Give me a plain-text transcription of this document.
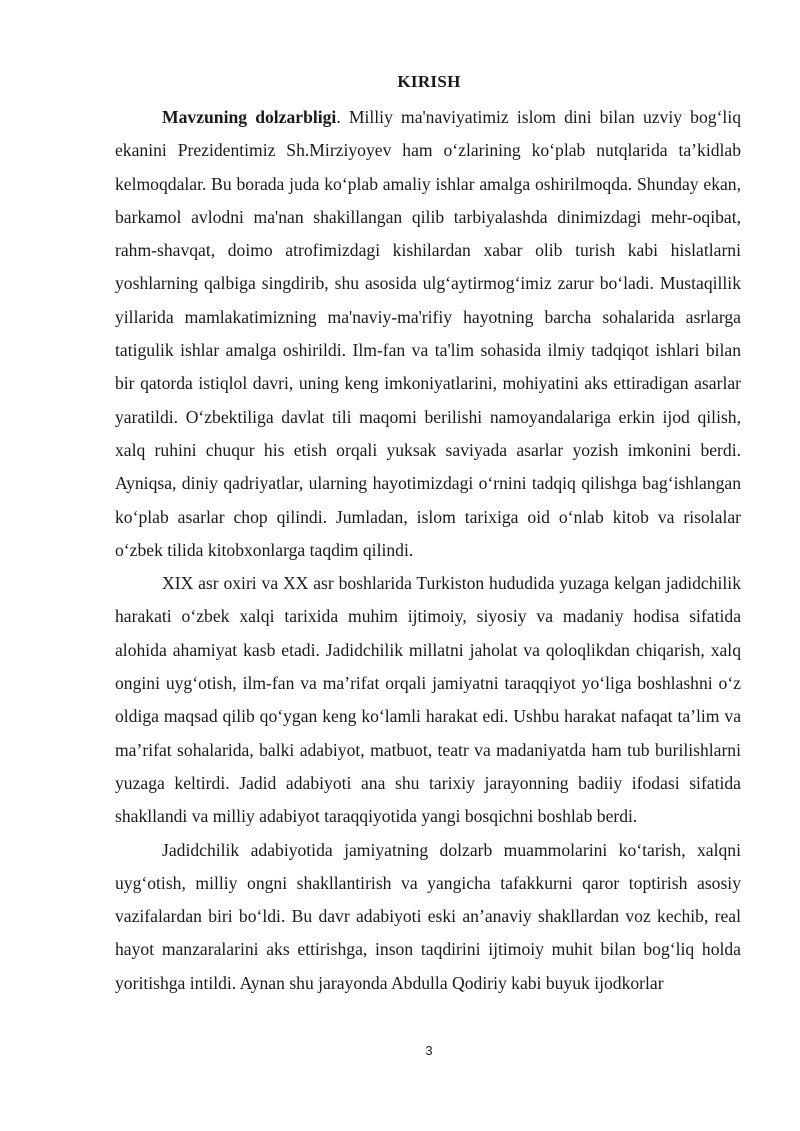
KIRISH

Mavzuning dolzarbligi. Milliy ma'naviyatimiz islom dini bilan uzviy bog‘liq ekanini Prezidentimiz Sh.Mirziyoyev ham o‘zlarining ko‘plab nutqlarida ta’kidlab kelmoqdalar. Bu borada juda ko‘plab amaliy ishlar amalga oshirilmoqda. Shunday ekan, barkamol avlodni ma'nan shakillangan qilib tarbiyalashda dinimizdagi mehr-oqibat, rahm-shavqat, doimo atrofimizdagi kishilardan xabar olib turish kabi hislatlarni yoshlarning qalbiga singdirib, shu asosida ulg‘aytirmog‘imiz zarur bo‘ladi. Mustaqillik yillarida mamlakatimizning ma'naviy-ma'rifiy hayotning barcha sohalarida asrlarga tatigulik ishlar amalga oshirildi. Ilm-fan va ta'lim sohasida ilmiy tadqiqot ishlari bilan bir qatorda istiqlol davri, uning keng imkoniyatlarini, mohiyatini aks ettiradigan asarlar yaratildi. O‘zbektiliga davlat tili maqomi berilishi namoyandalariga erkin ijod qilish, xalq ruhini chuqur his etish orqali yuksak saviyada asarlar yozish imkonini berdi. Ayniqsa, diniy qadriyatlar, ularning hayotimizdagi o‘rnini tadqiq qilishga bag‘ishlangan ko‘plab asarlar chop qilindi. Jumladan, islom tarixiga oid o‘nlab kitob va risolalar o‘zbek tilida kitobxonlarga taqdim qilindi.

XIX asr oxiri va XX asr boshlarida Turkiston hududida yuzaga kelgan jadidchilik harakati o‘zbek xalqi tarixida muhim ijtimoiy, siyosiy va madaniy hodisa sifatida alohida ahamiyat kasb etadi. Jadidchilik millatni jaholat va qoloqlikdan chiqarish, xalq ongini uyg‘otish, ilm-fan va ma’rifat orqali jamiyatni taraqqiyot yo‘liga boshlashni o‘z oldiga maqsad qilib qo‘ygan keng ko‘lamli harakat edi. Ushbu harakat nafaqat ta’lim va ma’rifat sohalarida, balki adabiyot, matbuot, teatr va madaniyatda ham tub burilishlarni yuzaga keltirdi. Jadid adabiyoti ana shu tarixiy jarayonning badiiy ifodasi sifatida shakllandi va milliy adabiyot taraqqiyotida yangi bosqichni boshlab berdi.

Jadidchilik adabiyotida jamiyatning dolzarb muammolarini ko‘tarish, xalqni uyg‘otish, milliy ongni shakllantirish va yangicha tafakkurni qaror toptirish asosiy vazifalardan biri bo‘ldi. Bu davr adabiyoti eski an’anaviy shakllardan voz kechib, real hayot manzaralarini aks ettirishga, inson taqdirini ijtimoiy muhit bilan bog‘liq holda yoritishga intildi. Aynan shu jarayonda Abdulla Qodiriy kabi buyuk ijodkorlar

3
